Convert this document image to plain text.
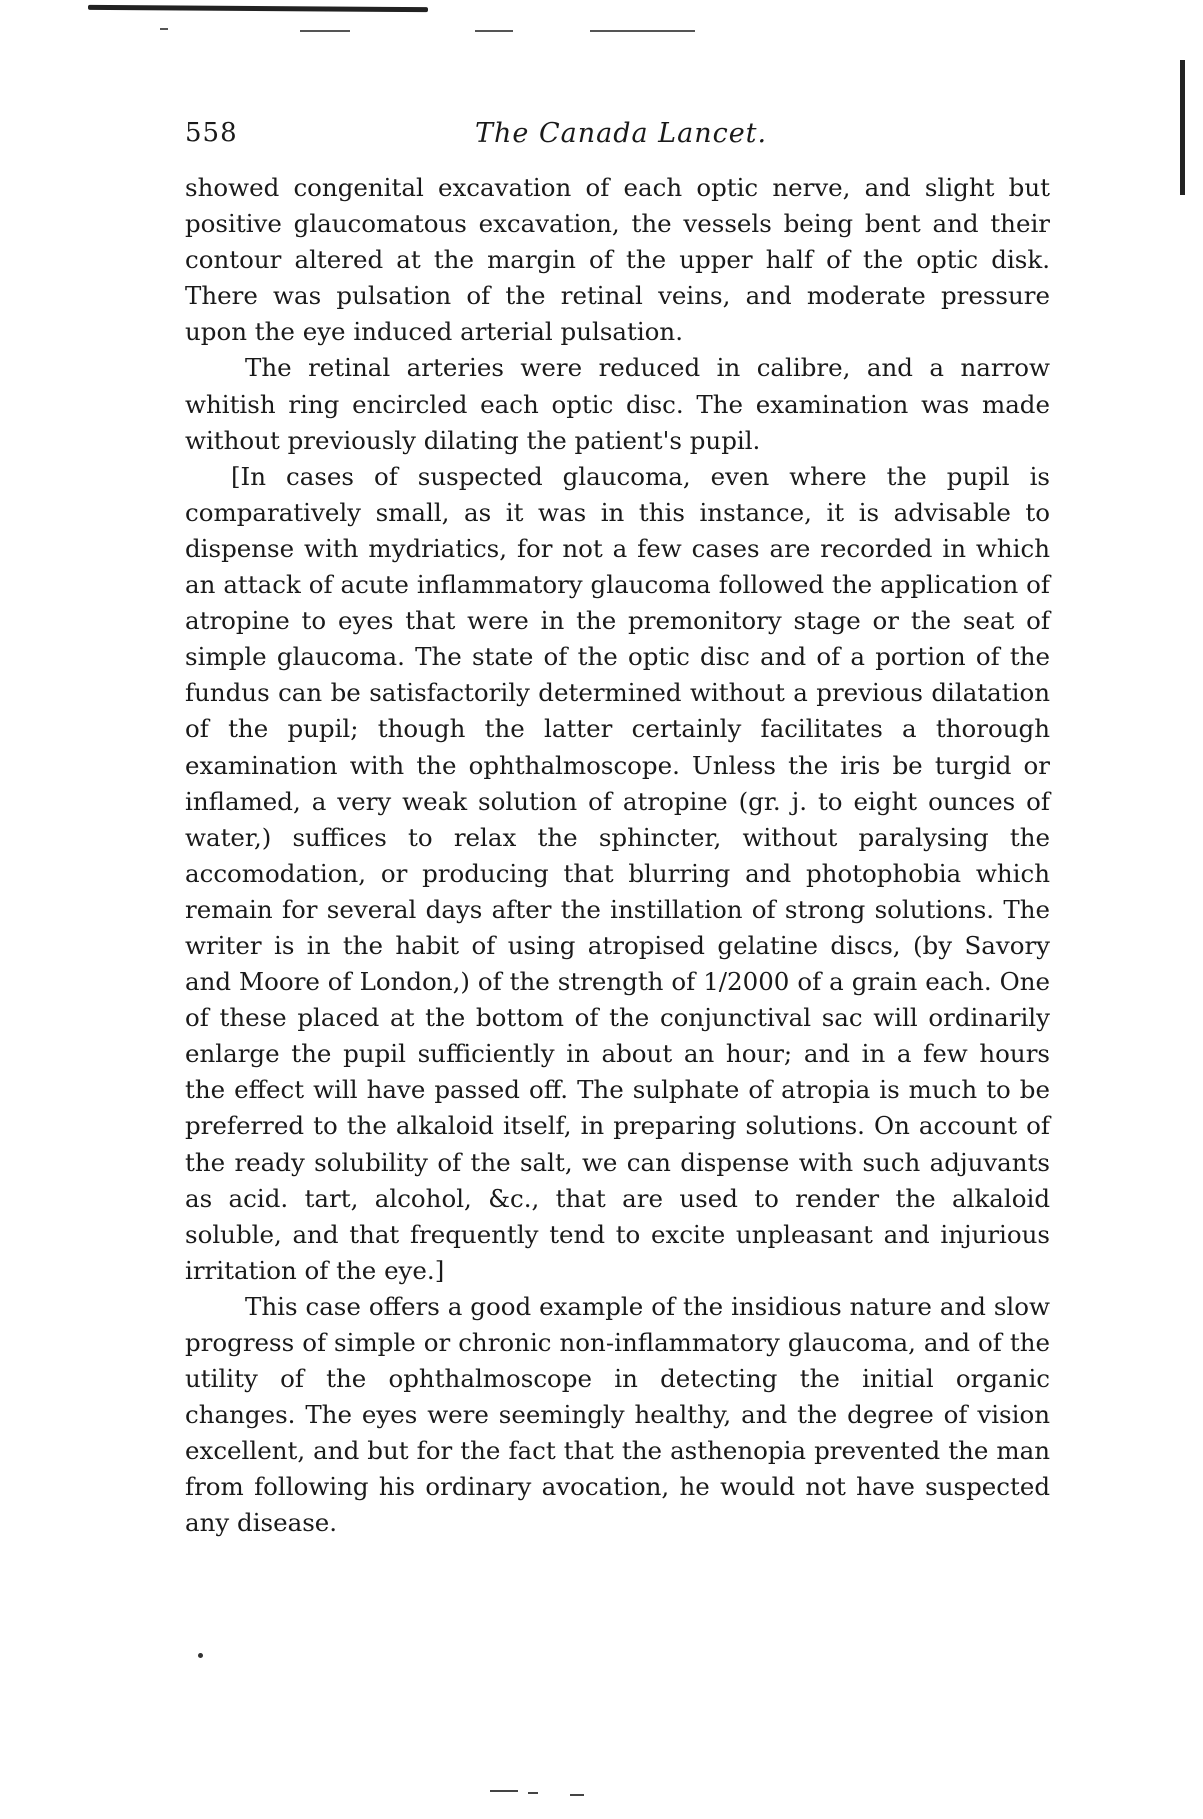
558	The Canada Lancet.

showed congenital excavation of each optic nerve, and slight but positive glaucomatous excavation, the vessels being bent and their contour altered at the margin of the upper half of the optic disk. There was pulsation of the retinal veins, and moderate pressure upon the eye induced arterial pulsation.

The retinal arteries were reduced in calibre, and a narrow whitish ring encircled each optic disc. The examination was made without previously dilating the patient's pupil.

[In cases of suspected glaucoma, even where the pupil is comparatively small, as it was in this instance, it is advisable to dispense with mydriatics, for not a few cases are recorded in which an attack of acute inflammatory glaucoma followed the application of atropine to eyes that were in the premonitory stage or the seat of simple glaucoma. The state of the optic disc and of a portion of the fundus can be satisfactorily determined without a previous dilatation of the pupil; though the latter certainly facilitates a thorough examination with the ophthalmoscope. Unless the iris be turgid or inflamed, a very weak solution of atropine (gr. j. to eight ounces of water,) suffices to relax the sphincter, without paralysing the accomodation, or producing that blurring and photophobia which remain for several days after the instillation of strong solutions. The writer is in the habit of using atropised gelatine discs, (by Savory and Moore of London,) of the strength of 1/2000 of a grain each. One of these placed at the bottom of the conjunctival sac will ordinarily enlarge the pupil sufficiently in about an hour; and in a few hours the effect will have passed off. The sulphate of atropia is much to be preferred to the alkaloid itself, in preparing solutions. On account of the ready solubility of the salt, we can dispense with such adjuvants as acid. tart, alcohol, &c., that are used to render the alkaloid soluble, and that frequently tend to excite unpleasant and injurious irritation of the eye.]

This case offers a good example of the insidious nature and slow progress of simple or chronic non-inflammatory glaucoma, and of the utility of the ophthalmoscope in detecting the initial organic changes. The eyes were seemingly healthy, and the degree of vision excellent, and but for the fact that the asthenopia prevented the man from following his ordinary avocation, he would not have suspected any disease.
